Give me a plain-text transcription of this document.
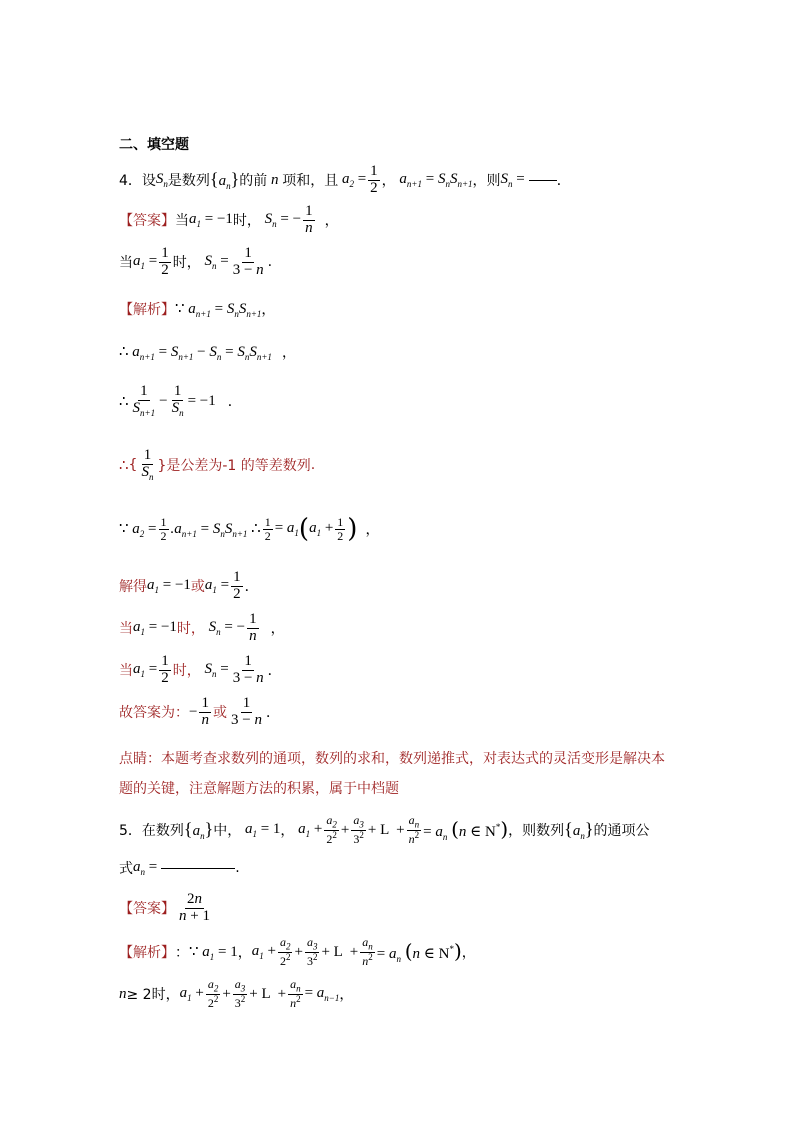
二、填空题
4． 设 $S_n$ 是数列 $\{a_n\}$ 的前 n 项和，且 $a_2 = \frac{1}{2}$ ， $a_{n+1} = S_nS_{n+1}$ ，则 $S_n$ = ．
【答案】 当 $a_1 = -1$ 时， $S_n$ = − $\frac{1}{n}$ ，
当 $a_1 = \frac{1}{2}$ 时， $S_n = \frac{1}{3 - n}$ .
【解析】 ∵ $a_{n+1} = S_nS_{n+1}$ ，
∴ $a_{n+1} = S_{n+1} - S_n = S_nS_{n+1}$ ，
∴ $\frac{1}{S_{n+1}} - \frac{1}{S_n} = -1$ ．
∴ { $\frac{1}{S_n}$ }是公差为-1 的等差数列 .
∵ $a_2 = \frac{1}{2} .a_{n+1} = S_nS_{n+1}$ ∴ $\frac{1}{2} = a_1$ ( $a_1 + \frac{1}{2}$ ) ，
解得 $a_1 = -1$ 或 $a_1 = \frac{1}{2}$ ．
当 $a_1 = -1$ 时， $S_n$ = − $\frac{1}{n}$ ，
当 $a_1 = \frac{1}{2}$ 时， $S_n = \frac{1}{3 - n}$ ．
故答案为： − $\frac{1}{n}$ 或 $\frac{1}{3 - n}$ ．
点睛：本题考查求数列的通项，数列的求和，数列递推式，对表达式的灵活变形是解决本
题的关键，注意解题方法的积累，属于中档题
5． 在数列 $\{a_n\}$ 中， $a_1 = 1$ ， $a_1 + \frac{a_2}{2^2} + \frac{a_3}{3^2} + L + \frac{a_n}{n^2} = a_n$ (n ∈ N*) ，则数列 $\{a_n\}$ 的通项公
式 $a_n$ =	.
【答案】 $\frac{2n}{n + 1}$
【解析】 ： ∵ $a_1 = 1$ ， $a_1 + \frac{a_2}{2^2} + \frac{a_3}{3^2} + L + \frac{a_n}{n^2} = a_n$ (n ∈ N*) ，
n ≥ 2时， $a_1 + \frac{a_2}{2^2} + \frac{a_3}{3^2} + L + \frac{a_n}{n^2} = a_{n-1}$ ，
